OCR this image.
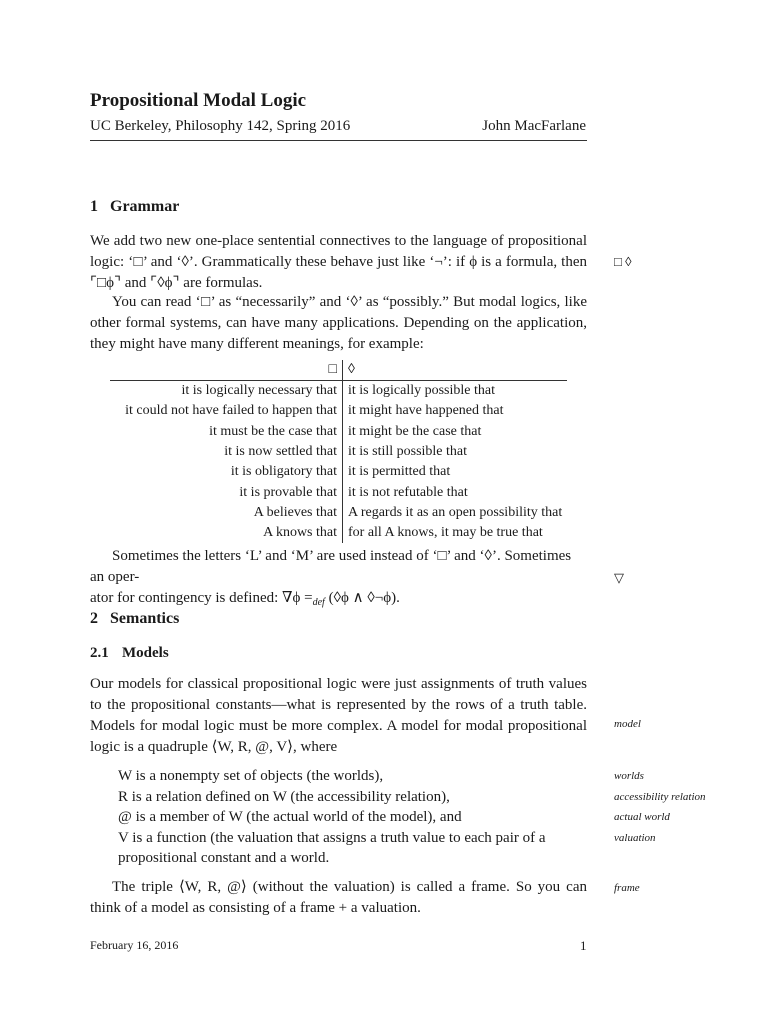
Propositional Modal Logic
UC Berkeley, Philosophy 142, Spring 2016	John MacFarlane
1 Grammar
We add two new one-place sentential connectives to the language of propositional logic: ‘□’ and ‘◊’. Grammatically these behave just like ‘¬’: if ϕ is a formula, then ⌜□ϕ⌝ and ⌜◊ϕ⌝ are formulas.
□ ◊
You can read ‘□’ as “necessarily” and ‘◊’ as “possibly.” But modal logics, like other formal systems, can have many applications. Depending on the application, they might have many different meanings, for example:
□	◊
it is logically necessary that	it is logically possible that
it could not have failed to happen that	it might have happened that
it must be the case that	it might be the case that
it is now settled that	it is still possible that
it is obligatory that	it is permitted that
it is provable that	it is not refutable that
A believes that	A regards it as an open possibility that
A knows that	for all A knows, it may be true that
Sometimes the letters ‘L’ and ‘M’ are used instead of ‘□’ and ‘◊’. Sometimes an oper-
ator for contingency is defined: $\nabla\phi =_{def}$ (◊ϕ ∧ ◊¬ϕ).
▽
2 Semantics
2.1 Models
Our models for classical propositional logic were just assignments of truth values to the propositional constants—what is represented by the rows of a truth table. Models for modal logic must be more complex. A model for modal propositional logic is a quadruple ⟨W, R, @, V⟩, where
model
W is a nonempty set of objects (the worlds),
R is a relation defined on W (the accessibility relation),
@ is a member of W (the actual world of the model), and
V is a function (the valuation that assigns a truth value to each pair of a propositional constant and a world.
worlds
accessibility relation
actual world
valuation
The triple ⟨W, R, @⟩ (without the valuation) is called a frame. So you can think of a model as consisting of a frame + a valuation.
frame
February 16, 2016	1
